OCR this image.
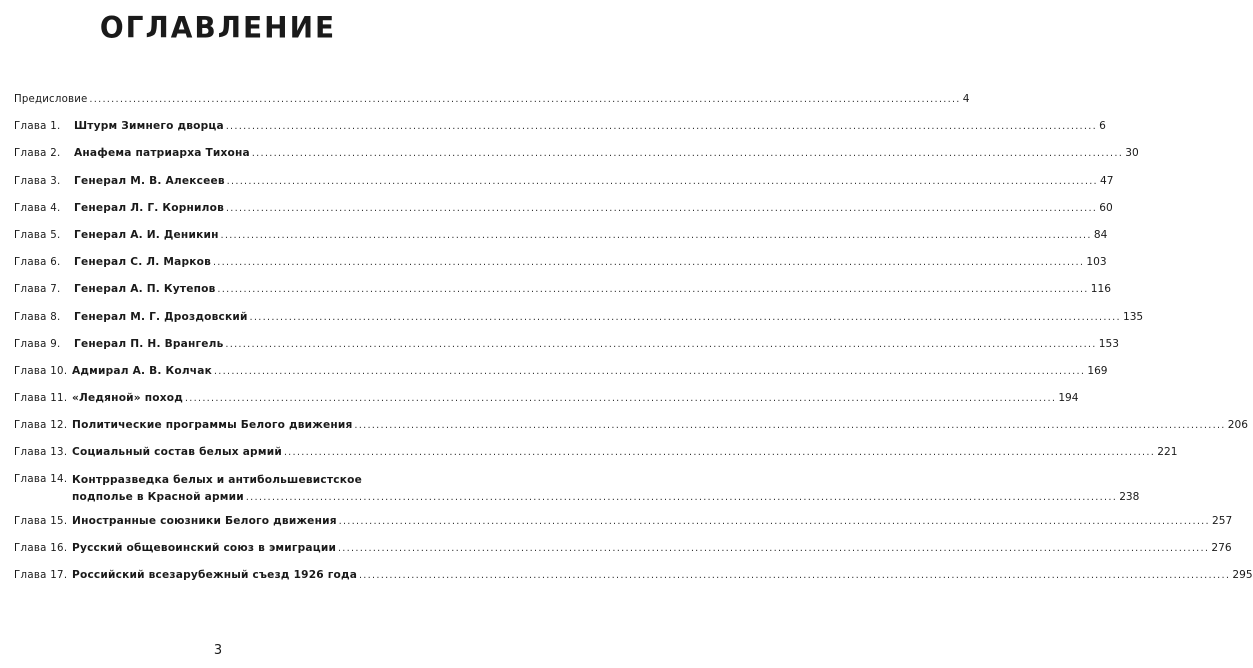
ОГЛАВЛЕНИЕ
Предисловие .....	4
Глава 1.	Штурм Зимнего дворца .....	6
Глава 2.	Анафема патриарха Тихона .....	30
Глава 3.	Генерал М. В. Алексеев .....	47
Глава 4.	Генерал Л. Г. Корнилов .....	60
Глава 5.	Генерал А. И. Деникин .....	84
Глава 6.	Генерал С. Л. Марков .....	103
Глава 7.	Генерал А. П. Кутепов .....	116
Глава 8.	Генерал М. Г. Дроздовский .....	135
Глава 9.	Генерал П. Н. Врангель .....	153
Глава 10. Адмирал А. В. Колчак .....	169
Глава 11. «Ледяной» поход .....	194
Глава 12. Политические программы Белого движения .....	206
Глава 13. Социальный состав белых армий .....	221
Глава 14. Контрразведка белых и антибольшевистское
подполье в Красной армии .....	238
Глава 15. Иностранные союзники Белого движения .....	257
Глава 16. Русский общевоинский союз в эмиграции .....	276
Глава 17. Российский всезарубежный съезд 1926 года .....	295
3
